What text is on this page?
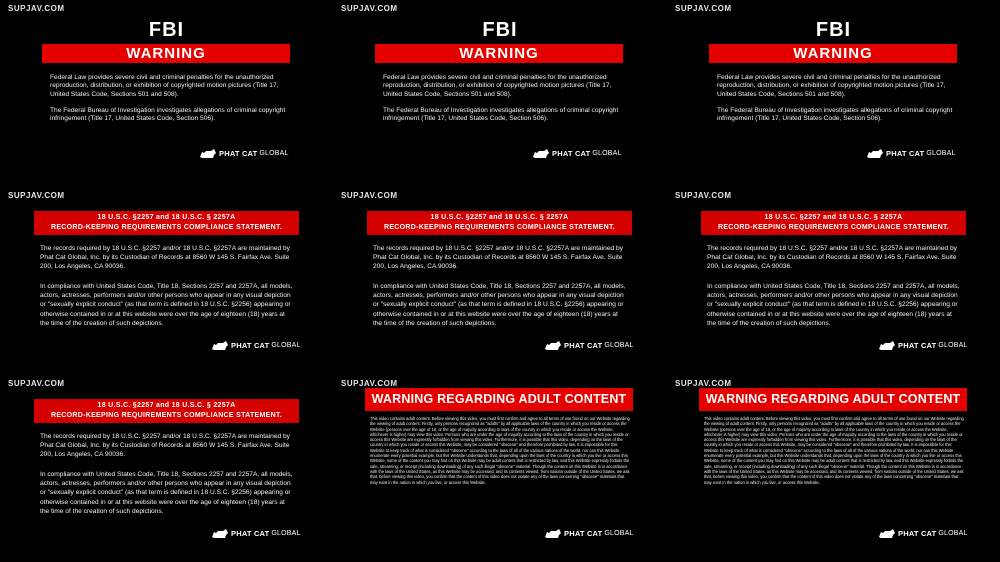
SUPJAV.COM
FBI
WARNING
Federal Law provides severe civil and criminal penalties for the unauthorized reproduction, distribution, or exhibition of copyrighted motion pictures (Title 17, United States Code, Sections 501 and 508).
The Federal Bureau of Investigation investigates allegations of criminal copyright infringement (Title 17, United States Code, Section 506).
PHAT CAT GLOBAL
SUPJAV.COM
FBI
WARNING
Federal Law provides severe civil and criminal penalties for the unauthorized reproduction, distribution, or exhibition of copyrighted motion pictures (Title 17, United States Code, Sections 501 and 508).
The Federal Bureau of Investigation investigates allegations of criminal copyright infringement (Title 17, United States Code, Section 506).
PHAT CAT GLOBAL
SUPJAV.COM
FBI
WARNING
Federal Law provides severe civil and criminal penalties for the unauthorized reproduction, distribution, or exhibition of copyrighted motion pictures (Title 17, United States Code, Sections 501 and 508).
The Federal Bureau of Investigation investigates allegations of criminal copyright infringement (Title 17, United States Code, Section 506).
PHAT CAT GLOBAL
SUPJAV.COM
18 U.S.C. §2257 and 18 U.S.C. § 2257A
RECORD-KEEPING REQUIREMENTS COMPLIANCE STATEMENT.
The records required by 18 U.S.C. §2257 and/or 18 U.S.C. §2257A are maintained by Phat Cat Global, Inc. by its Custodian of Records at 8560 W 145 S. Fairfax Ave. Suite 200, Los Angeles, CA 90036.
In compliance with United States Code, Title 18, Sections 2257 and 2257A, all models, actors, actresses, performers and/or other persons who appear in any visual depiction or "sexually explicit conduct" (as that term is defined in 18 U.S.C. §2256) appearing or otherwise contained in or at this website were over the age of eighteen (18) years at the time of the creation of such depictions.
PHAT CAT GLOBAL
SUPJAV.COM
18 U.S.C. §2257 and 18 U.S.C. § 2257A
RECORD-KEEPING REQUIREMENTS COMPLIANCE STATEMENT.
The records required by 18 U.S.C. §2257 and/or 18 U.S.C. §2257A are maintained by Phat Cat Global, Inc. by its Custodian of Records at 8560 W 145 S. Fairfax Ave. Suite 200, Los Angeles, CA 90036.
In compliance with United States Code, Title 18, Sections 2257 and 2257A, all models, actors, actresses, performers and/or other persons who appear in any visual depiction or "sexually explicit conduct" (as that term is defined in 18 U.S.C. §2256) appearing or otherwise contained in or at this website were over the age of eighteen (18) years at the time of the creation of such depictions.
PHAT CAT GLOBAL
SUPJAV.COM
18 U.S.C. §2257 and 18 U.S.C. § 2257A
RECORD-KEEPING REQUIREMENTS COMPLIANCE STATEMENT.
The records required by 18 U.S.C. §2257 and/or 18 U.S.C. §2257A are maintained by Phat Cat Global, Inc. by its Custodian of Records at 8560 W 145 S. Fairfax Ave. Suite 200, Los Angeles, CA 90036.
In compliance with United States Code, Title 18, Sections 2257 and 2257A, all models, actors, actresses, performers and/or other persons who appear in any visual depiction or "sexually explicit conduct" (as that term is defined in 18 U.S.C. §2256) appearing or otherwise contained in or at this website were over the age of eighteen (18) years at the time of the creation of such depictions.
PHAT CAT GLOBAL
SUPJAV.COM
18 U.S.C. §2257 and 18 U.S.C. § 2257A
RECORD-KEEPING REQUIREMENTS COMPLIANCE STATEMENT.
The records required by 18 U.S.C. §2257 and/or 18 U.S.C. §2257A are maintained by Phat Cat Global, Inc. by its Custodian of Records at 8560 W 145 S. Fairfax Ave. Suite 200, Los Angeles, CA 90036.
In compliance with United States Code, Title 18, Sections 2257 and 2257A, all models, actors, actresses, performers and/or other persons who appear in any visual depiction or "sexually explicit conduct" (as that term is defined in 18 U.S.C. §2256) appearing or otherwise contained in or at this website were over the age of eighteen (18) years at the time of the creation of such depictions.
PHAT CAT GLOBAL
SUPJAV.COM
WARNING REGARDING ADULT CONTENT
This video contains adult content. Before viewing this video, you must first confirm and agree to all terms of use found on our Website regarding the viewing of adult content. Firstly, only persons recognized as "adults" by all applicable laws of the country in which you reside or access the Website (persons over the age of 18, or the age of majority according to laws of the country in which you reside or access the Website, whichever is higher) may view this video. Persons who are under the age of majority according to the laws of the country in which you reside or access this Website are expressly forbidden from viewing this video. Furthermore, it is possible that this video, depending on the laws of the country in which you reside or access this Website, may be considered "obscene" and therefore prohibited by law. It is impossible for this Website to keep track of what is considered "obscene" according to the laws of all of the various nations of the world, nor can this Website enumerate every potential example, but this Website understands that, depending upon the laws of the country in which you live or access this Website, some of the content you may find on this Website may be adult content that is restricted by law, and this Website expressly forbids the sale, streaming, or receipt (including downloading) of any such illegal "obscene" material. Though the content on this Website is in accordance with the laws of the United States, as this Website may be accessed, and its contents viewed, from nations outside of the United States, we ask that, before viewing this video, you confirm that the content of this video does not violate any of the laws concerning "obscene" materials that may exist in the nation in which you live, or access this Website.
PHAT CAT GLOBAL
SUPJAV.COM
WARNING REGARDING ADULT CONTENT
This video contains adult content. Before viewing this video, you must first confirm and agree to all terms of use found on our Website regarding the viewing of adult content. Firstly, only persons recognized as "adults" by all applicable laws of the country in which you reside or access the Website (persons over the age of 18, or the age of majority according to laws of the country in which you reside or access the Website, whichever is higher) may view this video. Persons who are under the age of majority according to the laws of the country in which you reside or access this Website are expressly forbidden from viewing this video. Furthermore, it is possible that this video, depending on the laws of the country in which you reside or access this Website, may be considered "obscene" and therefore prohibited by law. It is impossible for this Website to keep track of what is considered "obscene" according to the laws of all of the various nations of the world, nor can this Website enumerate every potential example, but this Website understands that, depending upon the laws of the country in which you live or access this Website, some of the content you may find on this Website may be adult content that is restricted by law, and this Website expressly forbids the sale, streaming, or receipt (including downloading) of any such illegal "obscene" material. Though the content on this Website is in accordance with the laws of the United States, as this Website may be accessed, and its contents viewed, from nations outside of the United States, we ask that, before viewing this video, you confirm that the content of this video does not violate any of the laws concerning "obscene" materials that may exist in the nation in which you live, or access this Website.
PHAT CAT GLOBAL
